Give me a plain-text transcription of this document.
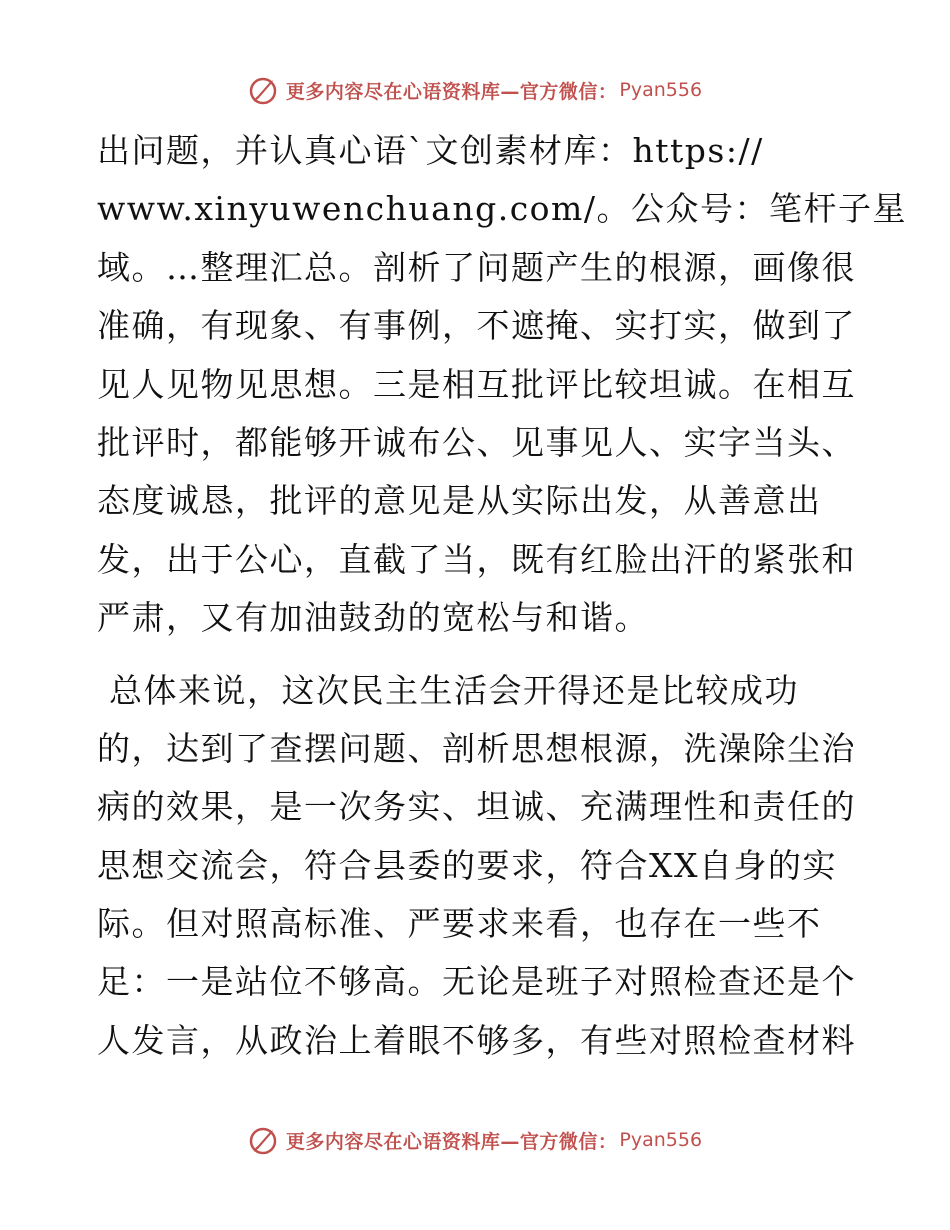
更多内容尽在心语资料库—官方微信： Pyan556
出问题，并认真心语`文创素材库：https://
www.xinyuwenchuang.com/。公众号：笔杆子星
域。…整理汇总。剖析了问题产生的根源，画像很
准确，有现象、有事例，不遮掩、实打实，做到了
见人见物见思想。三是相互批评比较坦诚。在相互
批评时，都能够开诚布公、见事见人、实字当头、
态度诚恳，批评的意见是从实际出发，从善意出
发，出于公心，直截了当，既有红脸出汗的紧张和
严肃，又有加油鼓劲的宽松与和谐。
总体来说，这次民主生活会开得还是比较成功
的，达到了查摆问题、剖析思想根源，洗澡除尘治
病的效果，是一次务实、坦诚、充满理性和责任的
思想交流会，符合县委的要求，符合XX自身的实
际。但对照高标准、严要求来看，也存在一些不
足：一是站位不够高。无论是班子对照检查还是个
人发言，从政治上着眼不够多，有些对照检查材料
更多内容尽在心语资料库—官方微信： Pyan556
